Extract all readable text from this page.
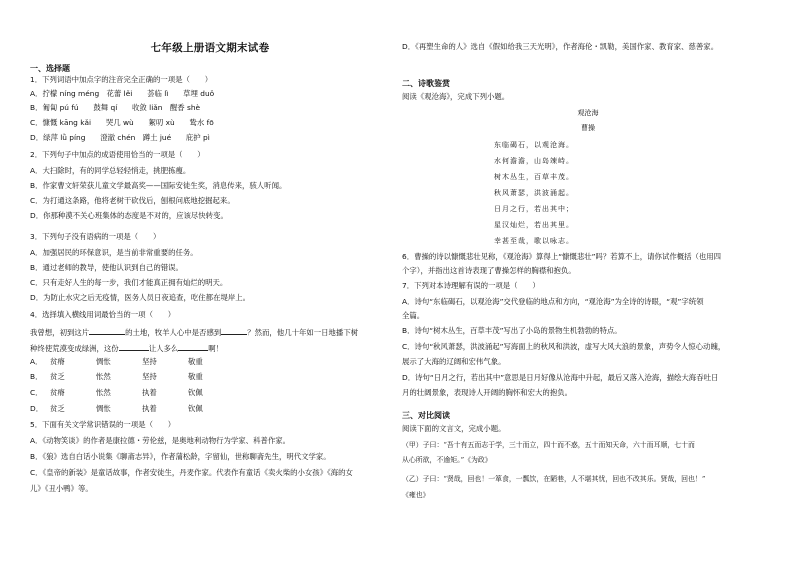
七年级上册语文期末试卷
一、选择题
1．下列词语中加点字的注音完全正确的一项是（　　）
A．拧檬 níng méng　花蕾 lěi　　荟临 lì　　草埋 duǒ
B．匍匐 pú fú　　鼓舞 qí　　收敛 liǎn　醒香 shè
C．慷慨 kāng kǎi　　哭几 wù　　絮叨 xù　　鸷水 fō
D．绿萍 lǜ píng　　澄澈 chén　蹲土 jué　　庇护 pì
2．下列句子中加点的成语使用恰当的一项是（　　）
A．大扫除时，有的同学总轻轻悄走，挑肥拣瘦。
B．作家曹文轩荣获儿童文学最高奖——国际安徒生奖，消息传来，骇人听闻。
C．为打通这条路，他将老树干砍伐后，刨根问底地挖掘起来。
D．你那种漠不关心班集体的态度是不对的，应该尽快转变。
3．下列句子没有语病的一项是（　　）
A．加强居民的环保意识，是当前非常重要的任务。
B．通过老师的教导，使他认识到自己的错误。
C．只有走好人生的每一步，我们才能真正拥有灿烂的明天。
D．为防止水灾之后无疫情，医务人员日夜追查，吃住都在堤岸上。
4．选择填入横线用词最恰当的一项（　　）
我曾想，初到这片	的土地，牧羊人心中是否感到	？然而，他几十年如一日地播下树
种终使荒漠变成绿洲，这份	让人多么	啊！
A．	贫瘠	惆怅	坚持	敬重
B．	贫乏	怅然	坚持	敬重
C．	贫瘠	怅然	执着	钦佩
D． 贫乏	惆怅	执着	钦佩
5．下面有关文学常识错误的一项是（　　）
A．《动物笑谈》的作者是康拉德・劳伦兹，是奥地利动物行为学家、科普作家。
B．《狼》选自白话小说集《聊斋志异》，作者蒲松龄，字留仙，世称聊斋先生，明代文学家。
C．《皇帝的新装》是童话故事，作者安徒生，丹麦作家。代表作有童话《卖火柴的小女孩》《海的女
儿》《丑小鸭》等。
D．《再塑生命的人》选自《假如给我三天光明》，作者海伦・凯勒，美国作家、教育家、慈善家。
二、诗歌鉴赏
阅读《观沧海》，完成下列小题。
观沧海
曹操
东临碣石，以观沧海。
水何澹澹，山岛竦峙。
树木丛生，百草丰茂。
秋风萧瑟，洪波涌起。
日月之行，若出其中；
星汉灿烂，若出其里。
幸甚至哉，歌以咏志。
6．曹操的诗以慷慨悲壮见称，《观沧海》算得上“慷慨悲壮”吗？若算不上，请你试作概括（也用四
个字），并指出这首诗表现了曹操怎样的胸襟和抱负。
7．下列对本诗理解有误的一项是（　　）
A．诗句“东临碣石，以观沧海”交代登临的地点和方向，“观沧海”为全诗的诗眼，“观”字统领
全篇。
B．诗句“树木丛生，百草丰茂”写出了小岛的景物生机勃勃的特点。
C．诗句“秋风萧瑟，洪波涌起”写海面上的秋风和洪波，虚写大风大浪的景象，声势令人惊心动魄，
展示了大海的辽阔和宏伟气象。
D．诗句“日月之行，若出其中”意思是日月好像从沧海中升起，最后又落入沧海，描绘大海吞吐日
月的壮阔景象，表现诗人开阔的胸怀和宏大的抱负。
三、对比阅读
阅读下面的文言文，完成小题。
（甲）子曰：“吾十有五而志于学，三十而立，四十而不惑，五十而知天命，六十而耳顺，七十而
从心所欲，不逾矩。”《为政》
（乙）子曰：“贤哉，回也！一箪食，一瓢饮，在陋巷，人不堪其忧，回也不改其乐。贤哉，回也！”
《雍也》
